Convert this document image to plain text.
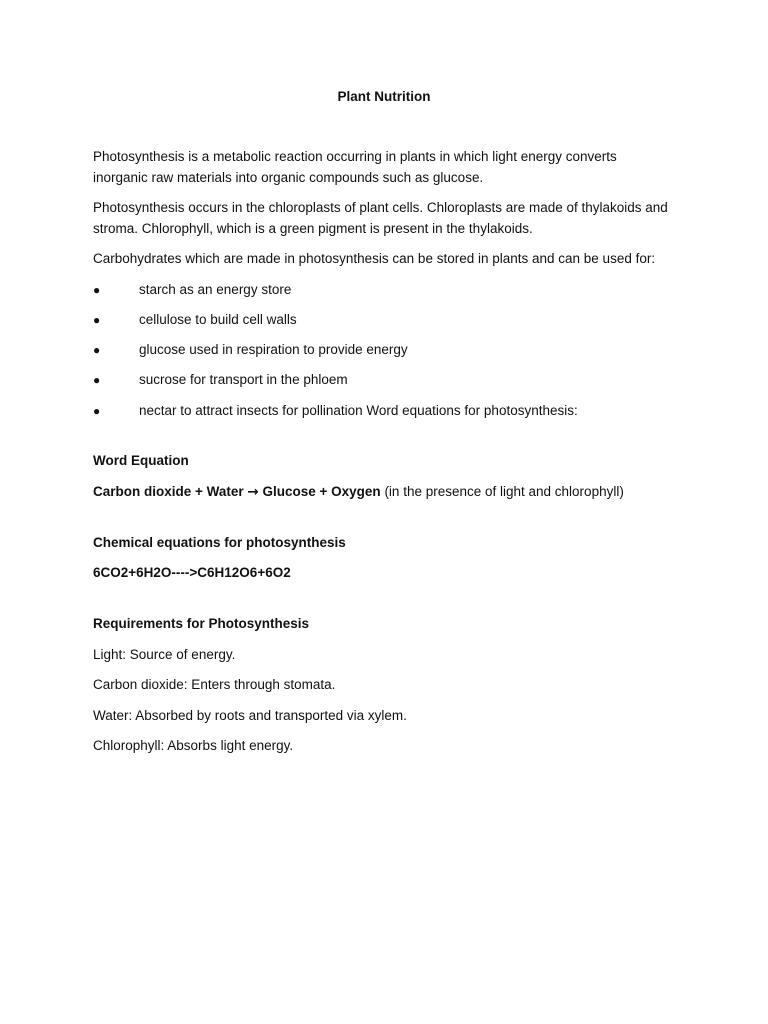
Plant Nutrition

Photosynthesis is a metabolic reaction occurring in plants in which light energy converts inorganic raw materials into organic compounds such as glucose.

Photosynthesis occurs in the chloroplasts of plant cells. Chloroplasts are made of thylakoids and stroma. Chlorophyll, which is a green pigment is present in the thylakoids.

Carbohydrates which are made in photosynthesis can be stored in plants and can be used for:

●	starch as an energy store
●	cellulose to build cell walls
●	glucose used in respiration to provide energy
●	sucrose for transport in the phloem
●	nectar to attract insects for pollination Word equations for photosynthesis:

Word Equation

Carbon dioxide + Water → Glucose + Oxygen (in the presence of light and chlorophyll)

Chemical equations for photosynthesis

6CO2+6H2O---->C6H12O6+6O2

Requirements for Photosynthesis

Light: Source of energy.

Carbon dioxide: Enters through stomata.

Water: Absorbed by roots and transported via xylem.

Chlorophyll: Absorbs light energy.
